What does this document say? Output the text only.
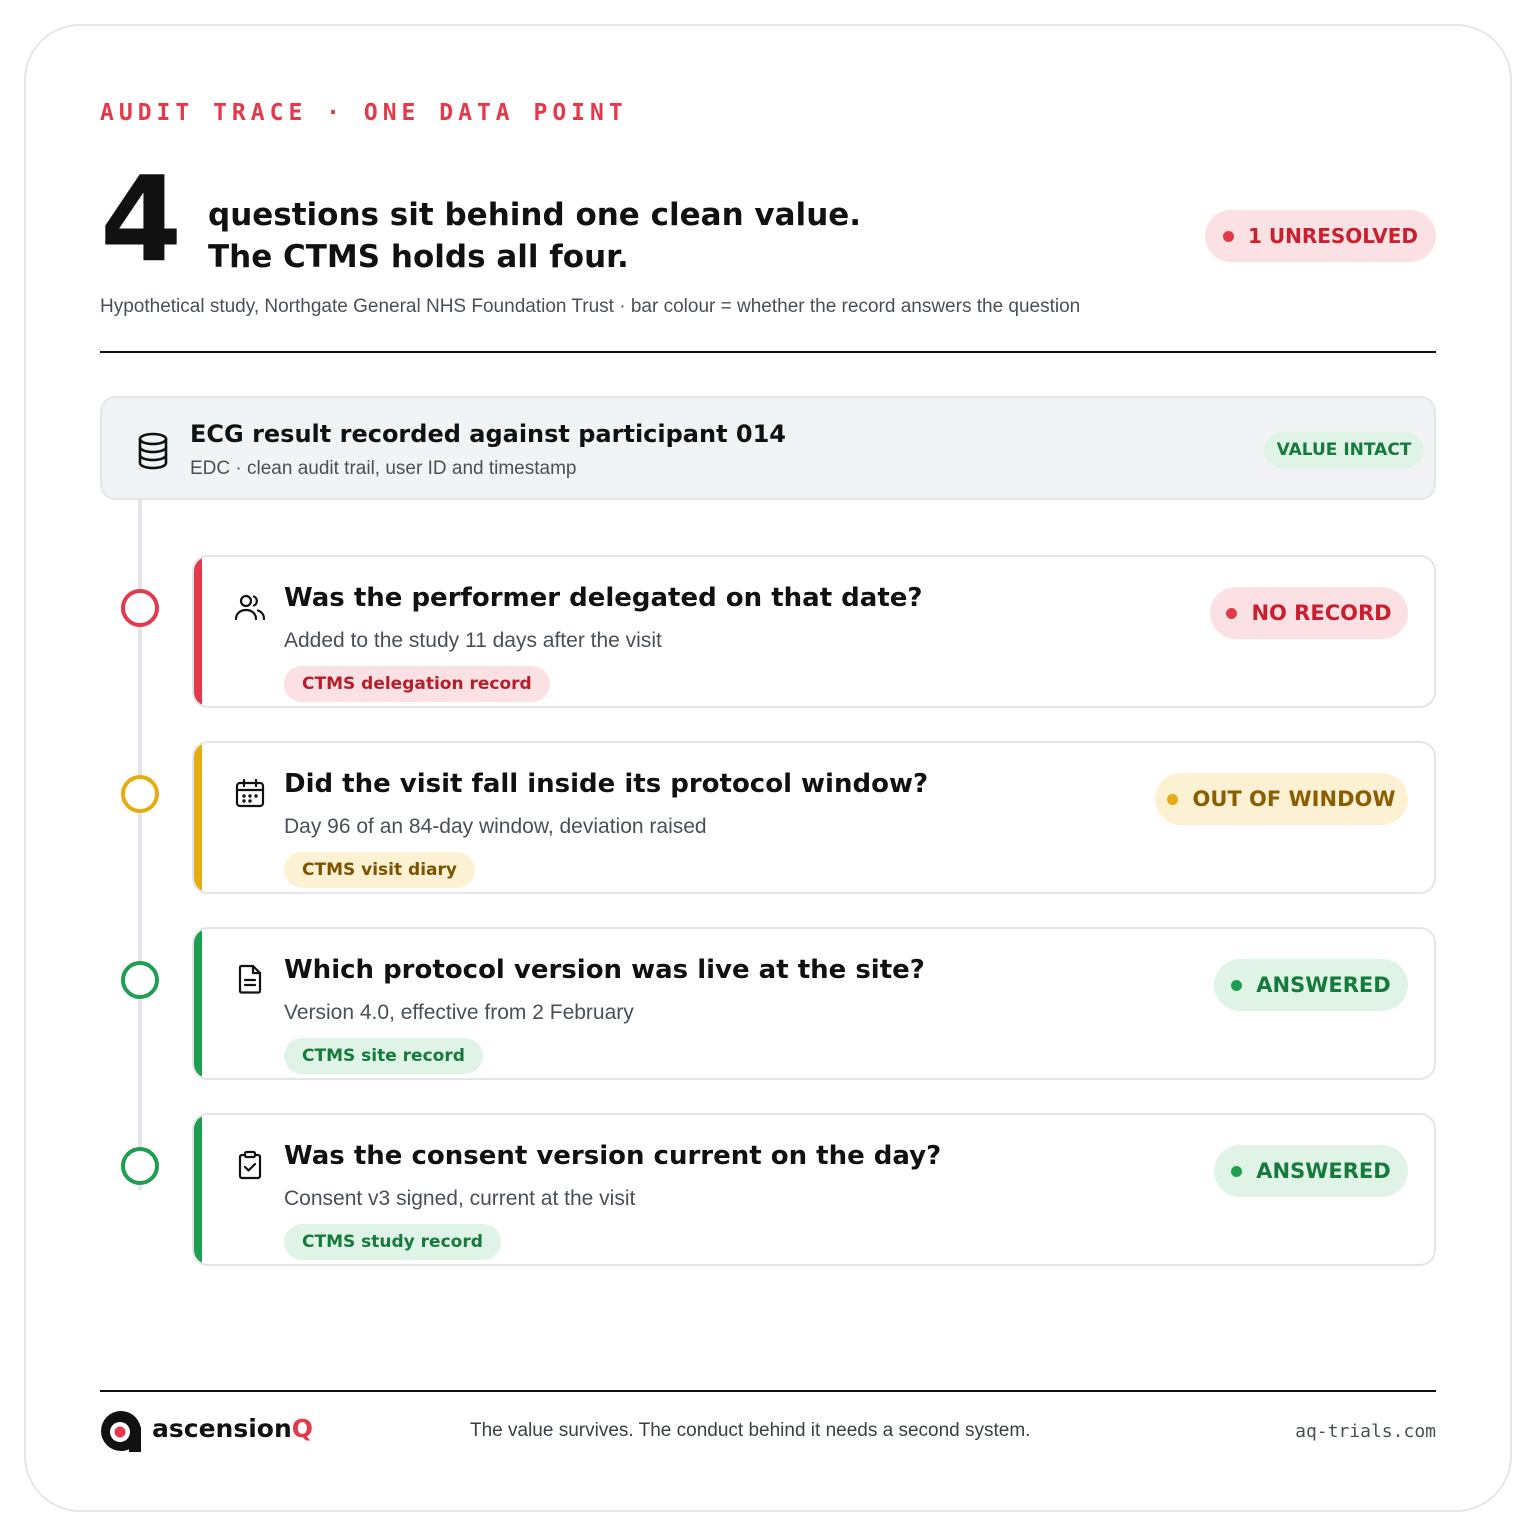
AUDIT TRACE · ONE DATA POINT
4 questions sit behind one clean value.
The CTMS holds all four.
1 UNRESOLVED
Hypothetical study, Northgate General NHS Foundation Trust · bar colour = whether the record answers the question
ECG result recorded against participant 014
EDC · clean audit trail, user ID and timestamp
VALUE INTACT
Was the performer delegated on that date?
Added to the study 11 days after the visit
CTMS delegation record
NO RECORD
Did the visit fall inside its protocol window?
Day 96 of an 84-day window, deviation raised
CTMS visit diary
OUT OF WINDOW
Which protocol version was live at the site?
Version 4.0, effective from 2 February
CTMS site record
ANSWERED
Was the consent version current on the day?
Consent v3 signed, current at the visit
CTMS study record
ANSWERED
ascensionQ	The value survives. The conduct behind it needs a second system.	aq-trials.com
